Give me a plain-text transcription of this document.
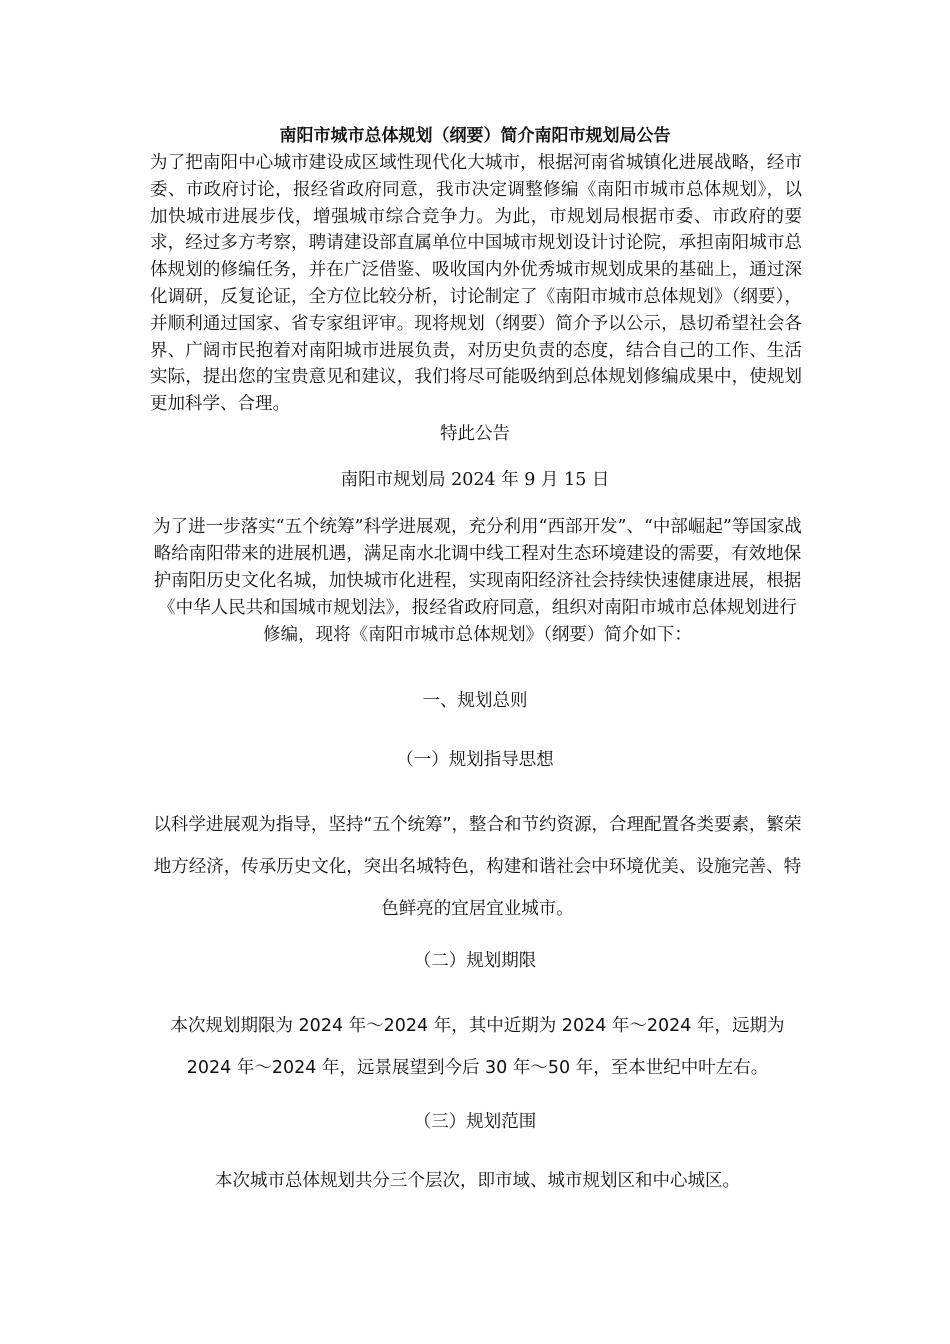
南阳市城市总体规划（纲要）简介南阳市规划局公告
为了把南阳中心城市建设成区域性现代化大城市，根据河南省城镇化进展战略，经市委、市政府讨论，报经省政府同意，我市决定调整修编《南阳市城市总体规划》，以加快城市进展步伐，增强城市综合竞争力。为此，市规划局根据市委、市政府的要求，经过多方考察，聘请建设部直属单位中国城市规划设计讨论院，承担南阳城市总体规划的修编任务，并在广泛借鉴、吸收国内外优秀城市规划成果的基础上，通过深化调研，反复论证，全方位比较分析，讨论制定了《南阳市城市总体规划》（纲要），并顺利通过国家、省专家组评审。现将规划（纲要）简介予以公示，恳切希望社会各界、广阔市民抱着对南阳城市进展负责，对历史负责的态度，结合自己的工作、生活实际，提出您的宝贵意见和建议，我们将尽可能吸纳到总体规划修编成果中，使规划更加科学、合理。
特此公告
南阳市规划局 2024 年 9 月 15 日
为了进一步落实“五个统筹”科学进展观，充分利用“西部开发”、“中部崛起”等国家战略给南阳带来的进展机遇，满足南水北调中线工程对生态环境建设的需要，有效地保护南阳历史文化名城，加快城市化进程，实现南阳经济社会持续快速健康进展，根据《中华人民共和国城市规划法》，报经省政府同意，组织对南阳市城市总体规划进行修编，现将《南阳市城市总体规划》（纲要）简介如下：
一、规划总则
（一）规划指导思想
以科学进展观为指导，坚持“五个统筹”，整合和节约资源，合理配置各类要素，繁荣地方经济，传承历史文化，突出名城特色，构建和谐社会中环境优美、设施完善、特色鲜亮的宜居宜业城市。
（二）规划期限
本次规划期限为 2024 年～2024 年，其中近期为 2024 年～2024 年，远期为 2024 年～2024 年，远景展望到今后 30 年～50 年，至本世纪中叶左右。
（三）规划范围
本次城市总体规划共分三个层次，即市域、城市规划区和中心城区。
